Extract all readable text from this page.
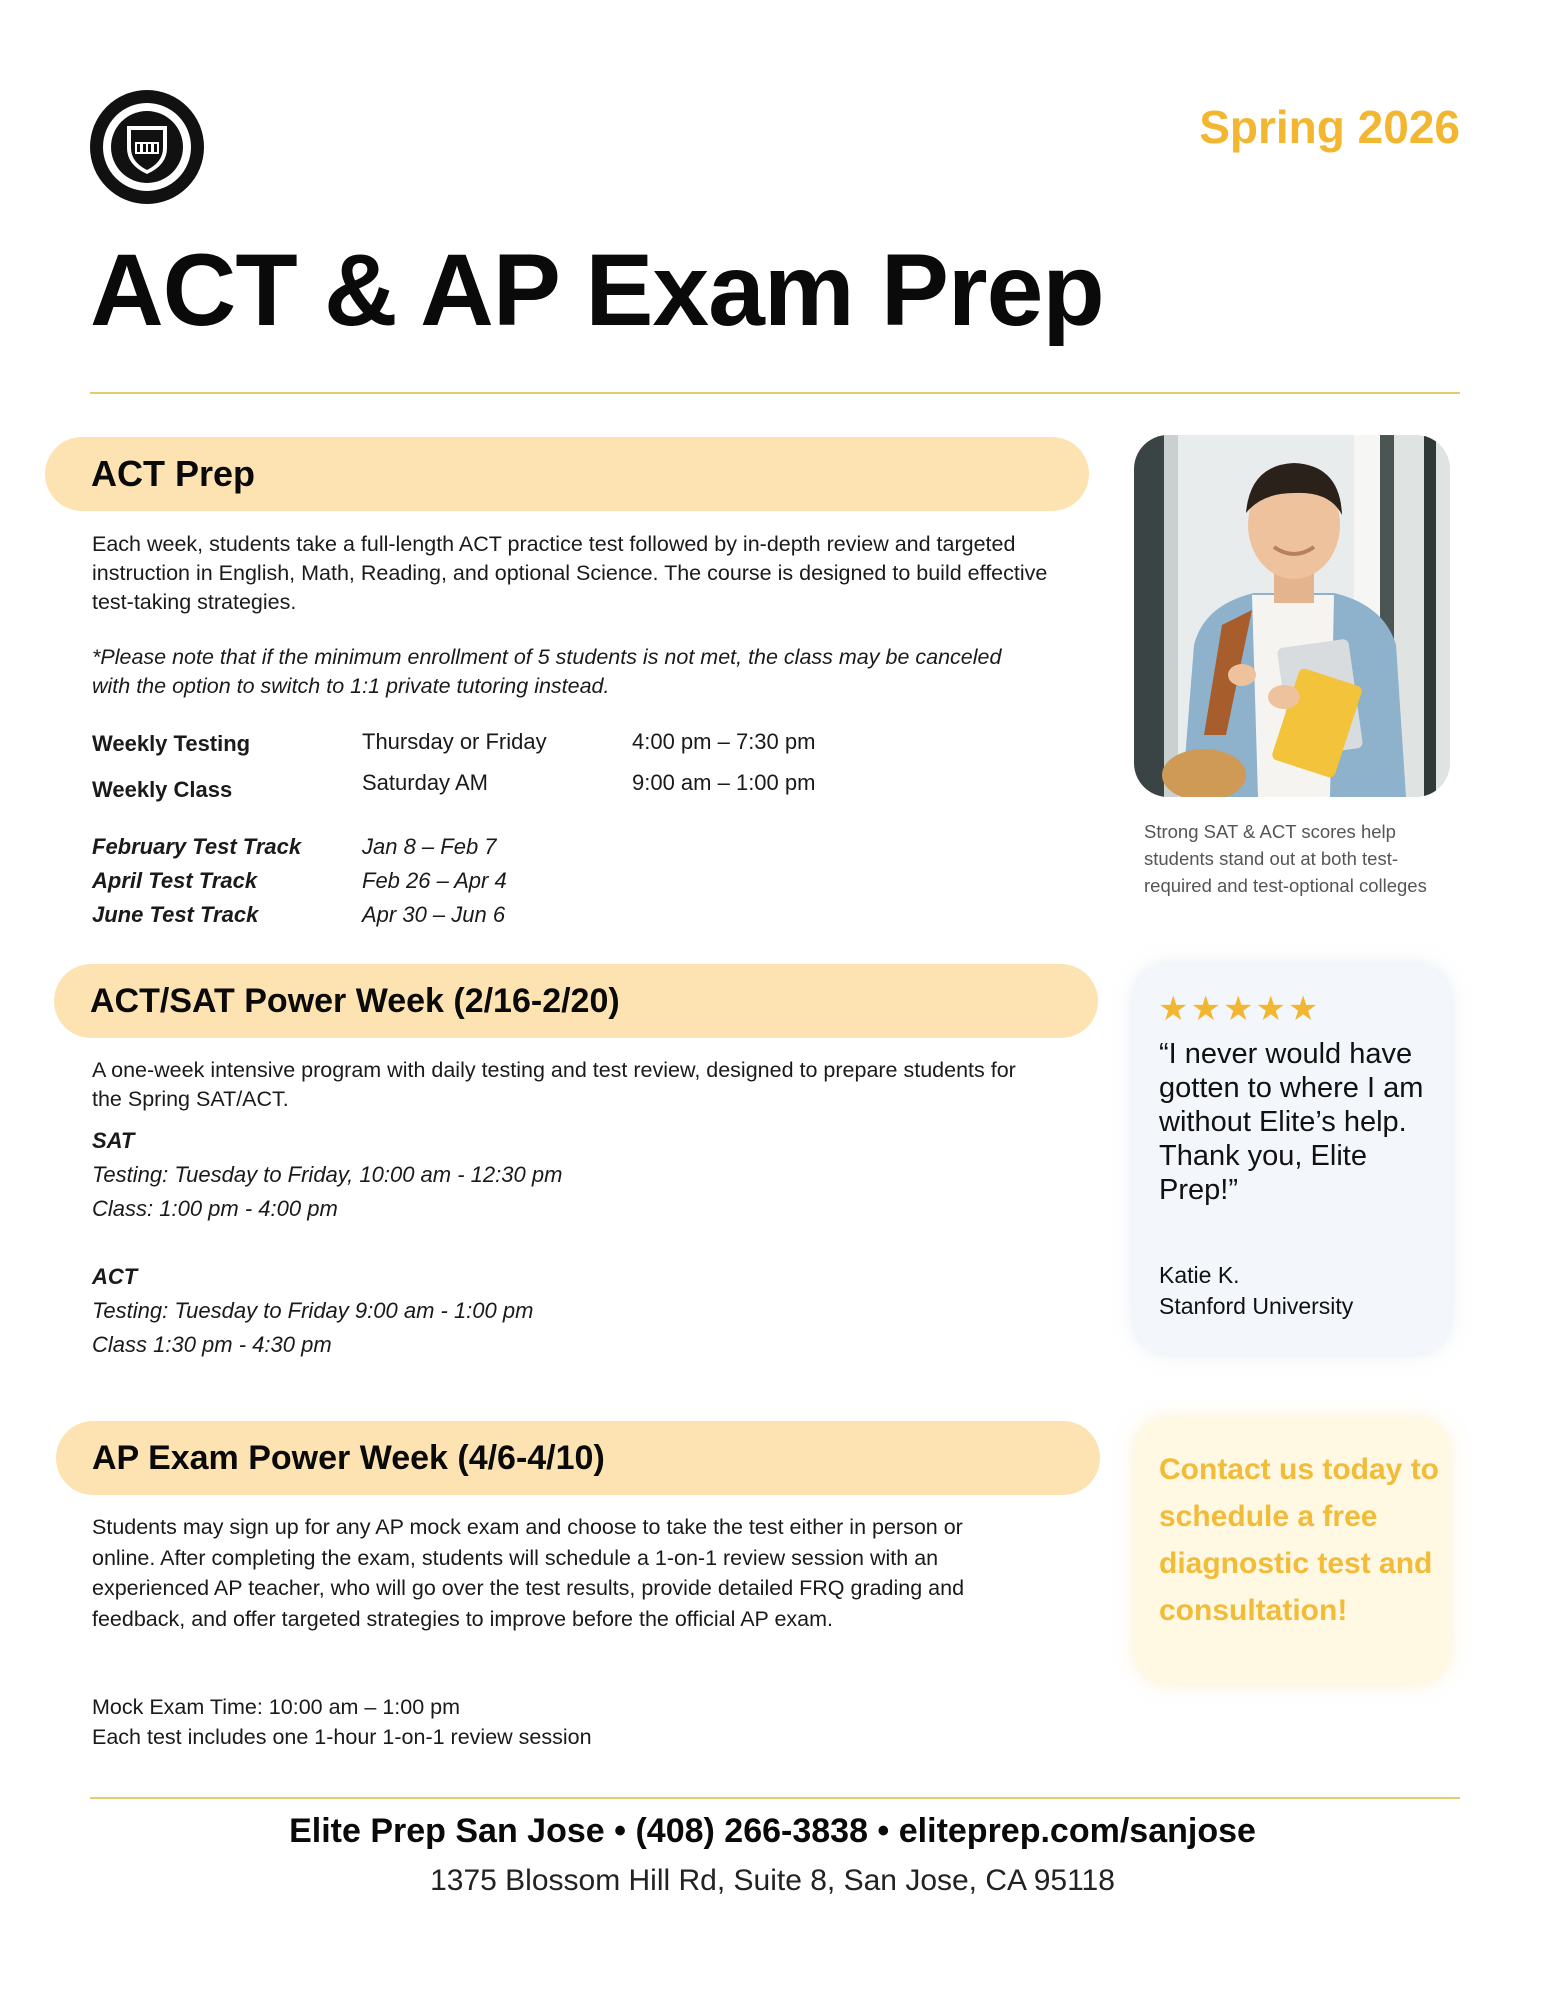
Spring 2026
ACT & AP Exam Prep
ACT Prep
Each week, students take a full-length ACT practice test followed by in-depth review and targeted instruction in English, Math, Reading, and optional Science. The course is designed to build effective test-taking strategies.
*Please note that if the minimum enrollment of 5 students is not met, the class may be canceled with the option to switch to 1:1 private tutoring instead.
Weekly Testing	Thursday or Friday	4:00 pm – 7:30 pm
Weekly Class	Saturday AM	9:00 am – 1:00 pm
February Test Track	Jan 8 – Feb 7
April Test Track	Feb 26 – Apr 4
June Test Track	Apr 30 – Jun 6
ACT/SAT Power Week (2/16-2/20)
A one-week intensive program with daily testing and test review, designed to prepare students for the Spring SAT/ACT.
SAT
Testing: Tuesday to Friday, 10:00 am - 12:30 pm
Class: 1:00 pm - 4:00 pm
ACT
Testing: Tuesday to Friday 9:00 am - 1:00 pm
Class 1:30 pm - 4:30 pm
AP Exam Power Week (4/6-4/10)
Students may sign up for any AP mock exam and choose to take the test either in person or online. After completing the exam, students will schedule a 1-on-1 review session with an experienced AP teacher, who will go over the test results, provide detailed FRQ grading and feedback, and offer targeted strategies to improve before the official AP exam.
Mock Exam Time: 10:00 am – 1:00 pm
Each test includes one 1-hour 1-on-1 review session
Strong SAT & ACT scores help students stand out at both test-required and test-optional colleges
★★★★★
“I never would have gotten to where I am without Elite’s help. Thank you, Elite Prep!”
Katie K.
Stanford University
Contact us today to schedule a free diagnostic test and consultation!
Elite Prep San Jose • (408) 266-3838 • eliteprep.com/sanjose
1375 Blossom Hill Rd, Suite 8, San Jose, CA 95118
